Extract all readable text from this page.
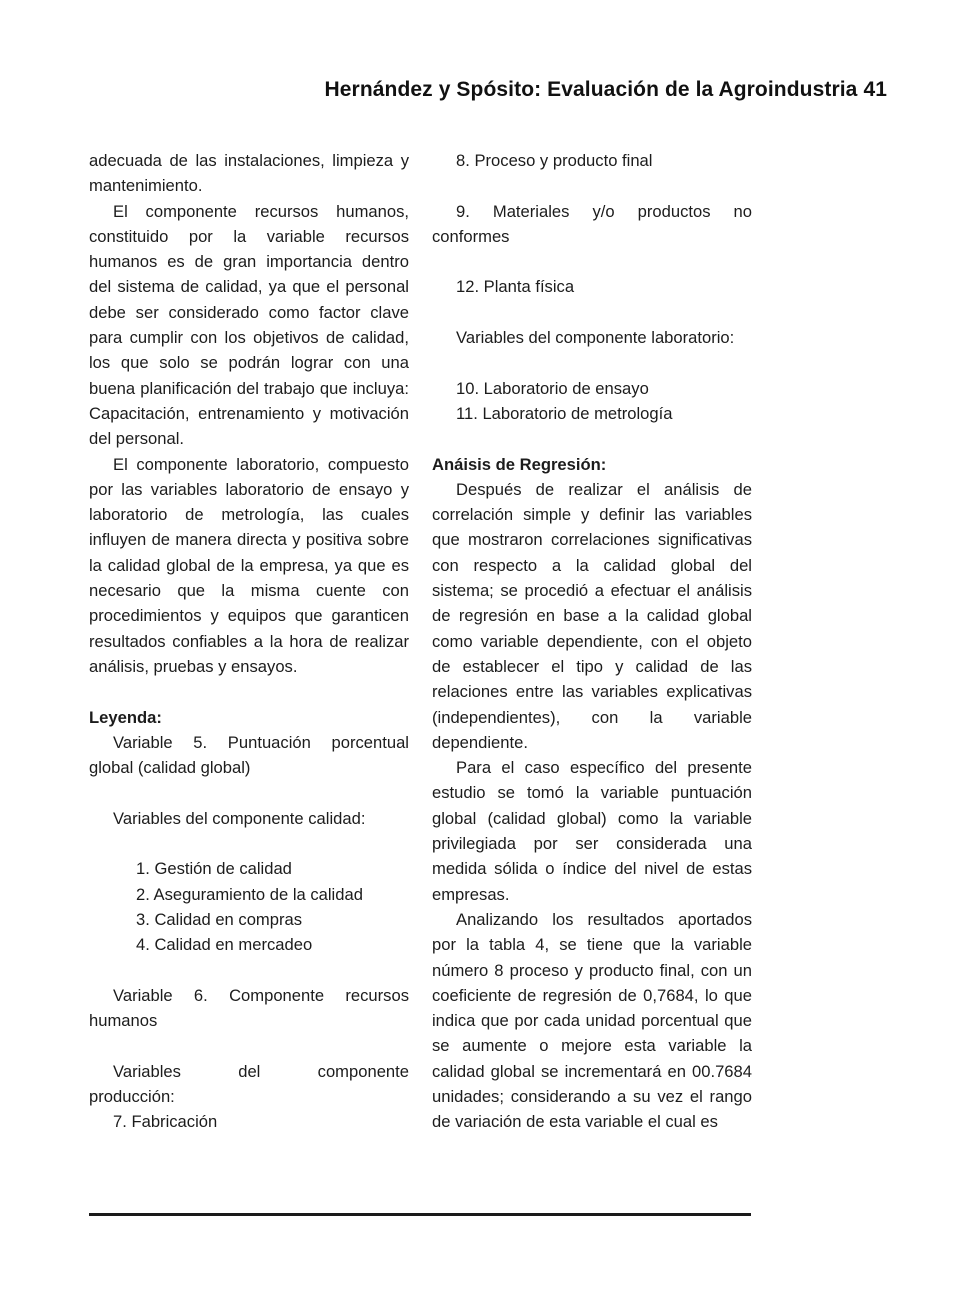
Hernández y Spósito: Evaluación de la Agroindustria 41

adecuada de las instalaciones, limpieza y mantenimiento.

El componente recursos humanos, constituido por la variable recursos humanos es de gran importancia dentro del sistema de calidad, ya que el personal debe ser considerado como factor clave para cumplir con los objetivos de calidad, los que solo se podrán lograr con una buena planificación del trabajo que incluya: Capacitación, entrenamiento y motivación del personal.

El componente laboratorio, compuesto por las variables laboratorio de ensayo y laboratorio de metrología, las cuales influyen de manera directa y positiva sobre la calidad global de la empresa, ya que es necesario que la misma cuente con procedimientos y equipos que garanticen resultados confiables a la hora de realizar análisis, pruebas y ensayos.

Leyenda:

Variable 5. Puntuación porcentual global (calidad global)

Variables del componente calidad:

1. Gestión de calidad

2. Aseguramiento de la calidad

3. Calidad en compras

4. Calidad en mercadeo

Variable 6. Componente recursos humanos

Variables del componente

producción:

7. Fabricación

8. Proceso y producto final

9. Materiales y/o productos no conformes

12. Planta física

Variables del componente laboratorio:

10. Laboratorio de ensayo

11. Laboratorio de metrología

Anáisis de Regresión:

Después de realizar el análisis de correlación simple y definir las variables que mostraron correlaciones significativas con respecto a la calidad global del sistema; se procedió a efectuar el análisis de regresión en base a la calidad global como variable dependiente, con el objeto de establecer el tipo y calidad de las relaciones entre las variables explicativas (independientes), con la variable dependiente.

Para el caso específico del presente estudio se tomó la variable puntuación global (calidad global) como la variable privilegiada por ser considerada una medida sólida o índice del nivel de estas empresas.

Analizando los resultados aportados por la tabla 4, se tiene que la variable número 8 proceso y producto final, con un coeficiente de regresión de 0,7684, lo que indica que por cada unidad porcentual que se aumente o mejore esta variable la calidad global se incrementará en 00.7684 unidades; considerando a su vez el rango de variación de esta variable el cual es
